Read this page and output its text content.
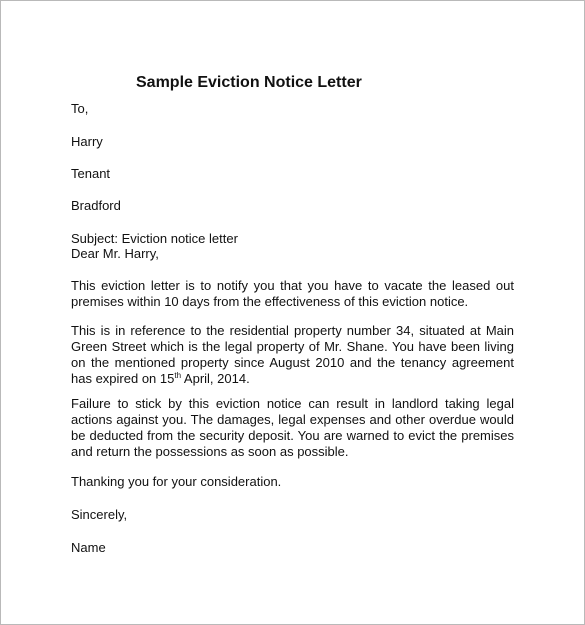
Sample Eviction Notice Letter
To,
Harry
Tenant
Bradford
Subject: Eviction notice letter
Dear Mr. Harry,
This eviction letter is to notify you that you have to vacate the leased out premises within 10 days from the effectiveness of this eviction notice.
This is in reference to the residential property number 34, situated at Main Green Street which is the legal property of Mr. Shane. You have been living on the mentioned property since August 2010 and the tenancy agreement has expired on 15th April, 2014.
Failure to stick by this eviction notice can result in landlord taking legal actions against you. The damages, legal expenses and other overdue would be deducted from the security deposit. You are warned to evict the premises and return the possessions as soon as possible.
Thanking you for your consideration.
Sincerely,
Name
